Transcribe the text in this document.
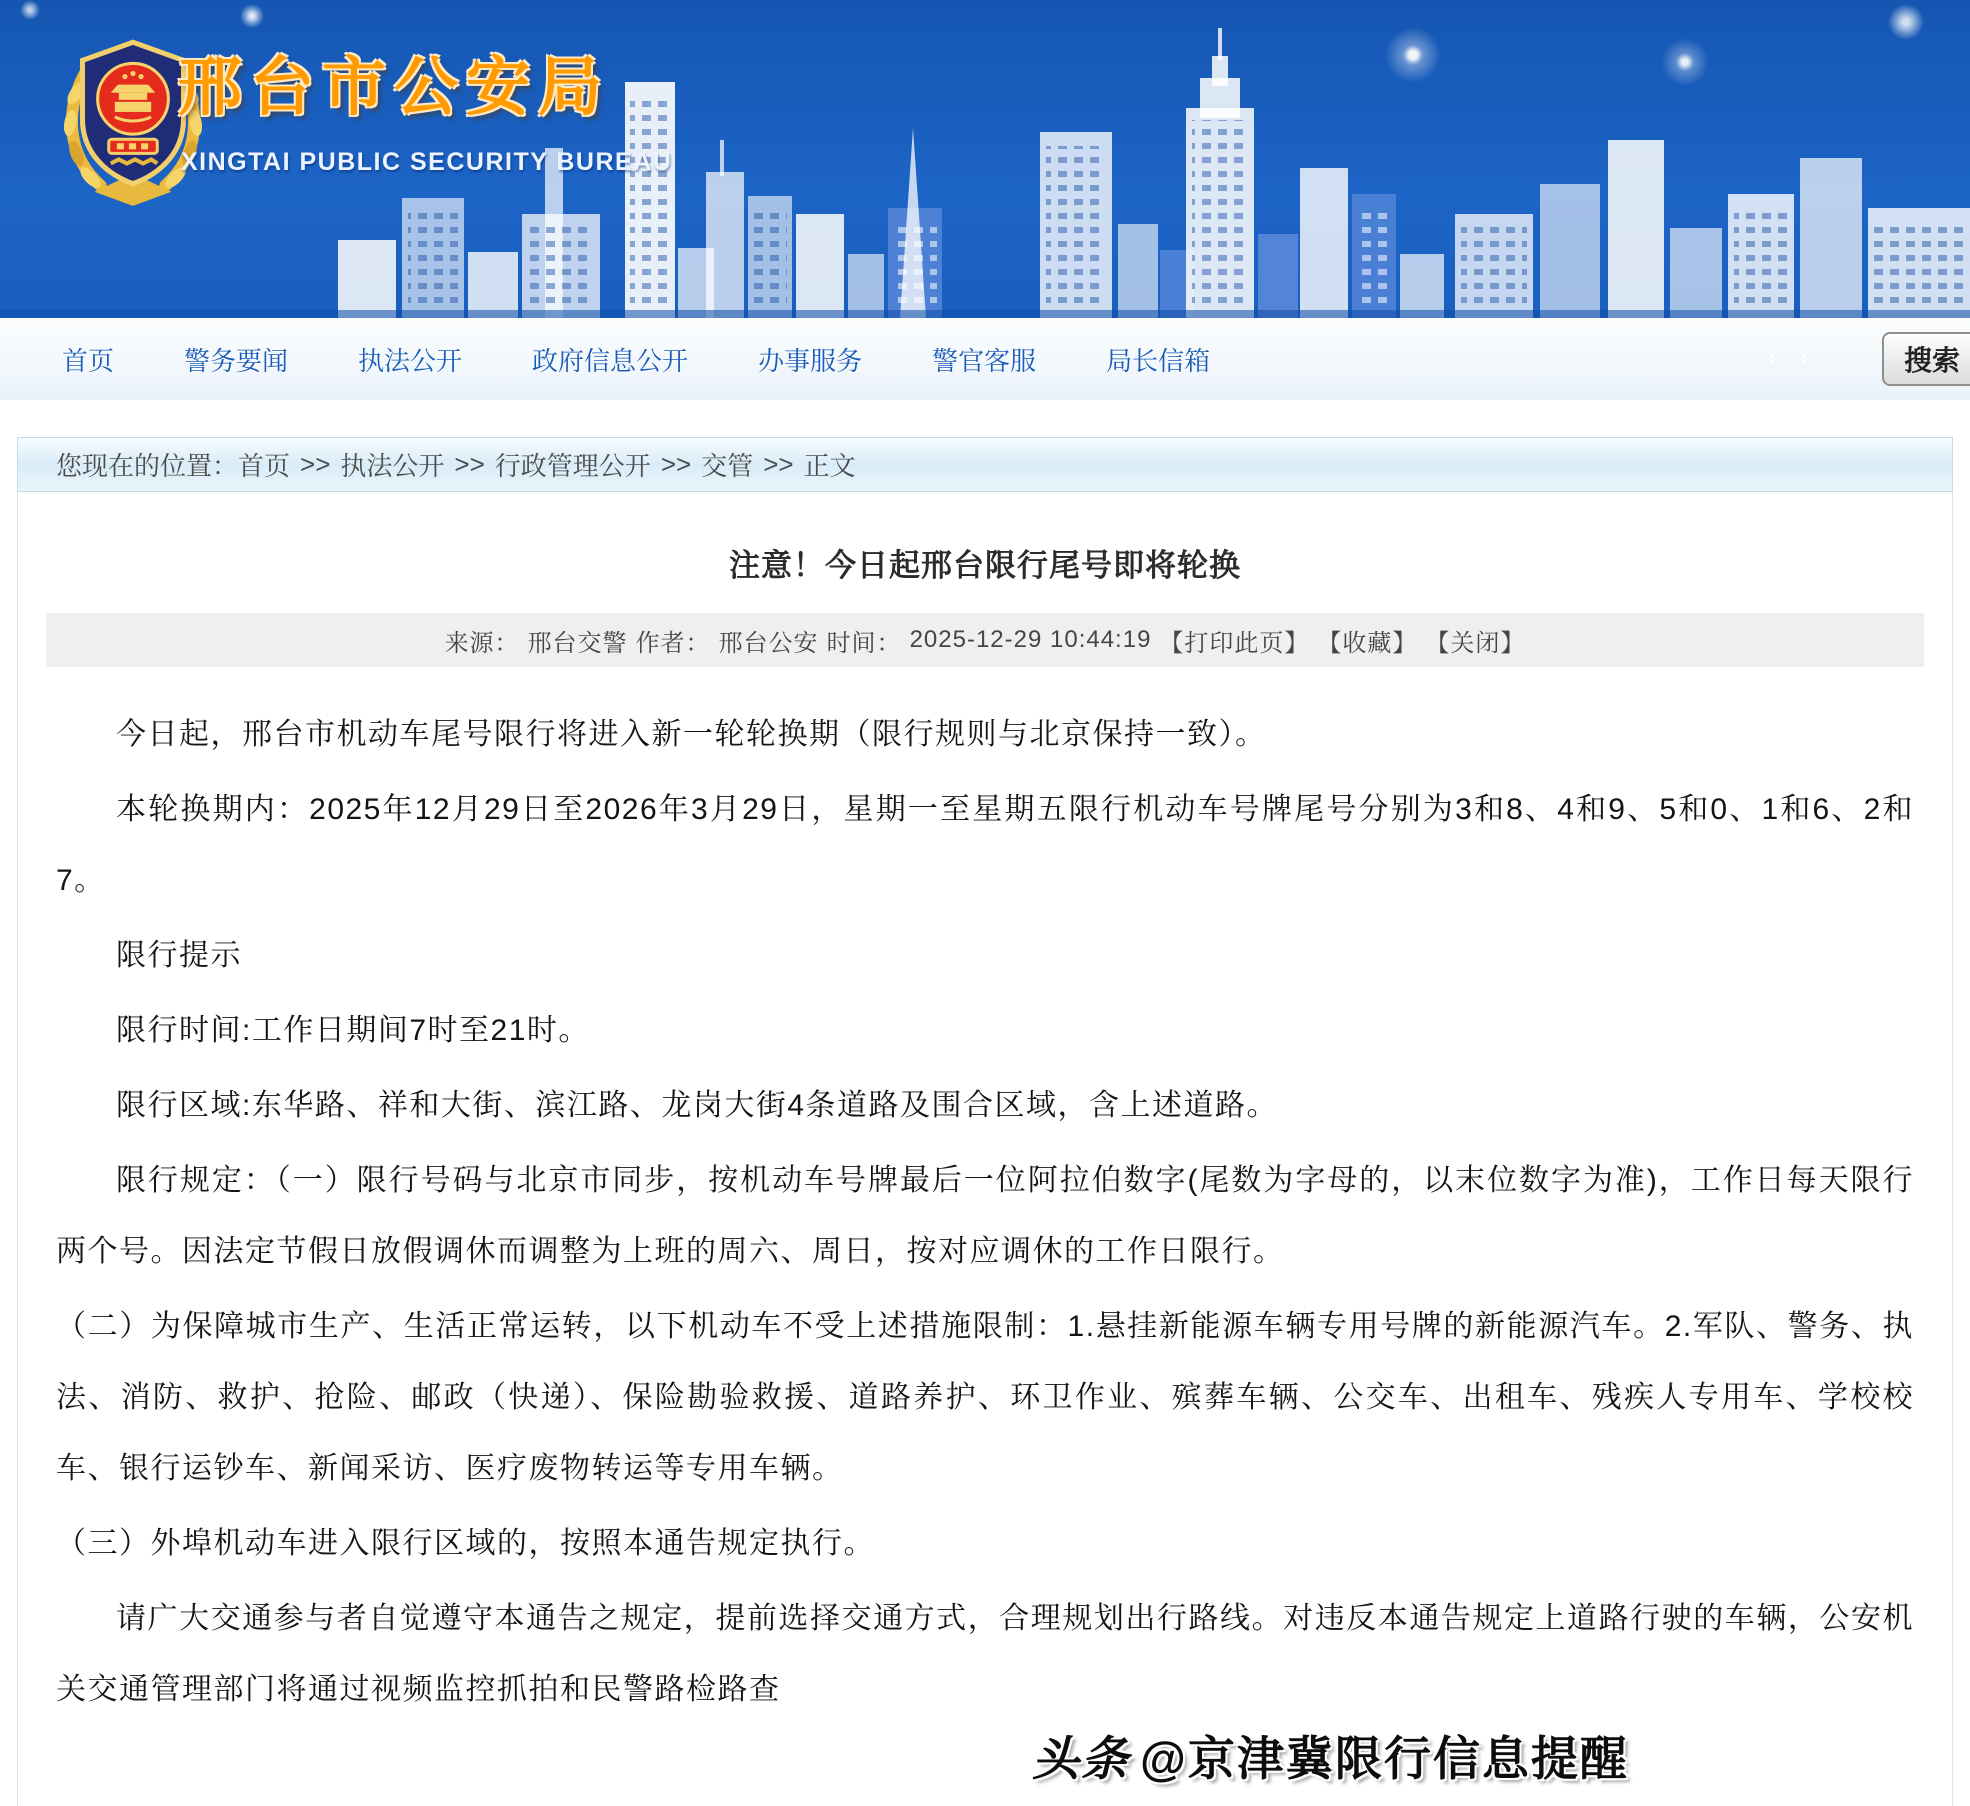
邢台市公安局
XINGTAI PUBLIC SECURITY BUREAU
首页	警务要闻	执法公开	政府信息公开	办事服务	警官客服	局长信箱	› ›	搜索
您现在的位置： 首页 >> 执法公开 >> 行政管理公开 >> 交管 >> 正文
注意！今日起邢台限行尾号即将轮换
来源： 邢台交警 作者： 邢台公安 时间： 2025-12-29 10:44:19 【打印此页】 【收藏】 【关闭】

今日起，邢台市机动车尾号限行将进入新一轮轮换期（限行规则与北京保持一致）。

本轮换期内：2025年12月29日至2026年3月29日，星期一至星期五限行机动车号牌尾号分别为3和8、4和9、5和0、1和6、2和7。

限行提示

限行时间:工作日期间7时至21时。

限行区域:东华路、祥和大街、滨江路、龙岗大街4条道路及围合区域，含上述道路。

限行规定：（一）限行号码与北京市同步，按机动车号牌最后一位阿拉伯数字(尾数为字母的，以末位数字为准)，工作日每天限行两个号。因法定节假日放假调休而调整为上班的周六、周日，按对应调休的工作日限行。

（二）为保障城市生产、生活正常运转，以下机动车不受上述措施限制：1.悬挂新能源车辆专用号牌的新能源汽车。2.军队、警务、执法、消防、救护、抢险、邮政（快递）、保险勘验救援、道路养护、环卫作业、殡葬车辆、公交车、出租车、残疾人专用车、学校校车、银行运钞车、新闻采访、医疗废物转运等专用车辆。

（三）外埠机动车进入限行区域的，按照本通告规定执行。

请广大交通参与者自觉遵守本通告之规定，提前选择交通方式，合理规划出行路线。对违反本通告规定上道路行驶的车辆，公安机关交通管理部门将通过视频监控抓拍和民警路检路查

头条 @京津冀限行信息提醒
